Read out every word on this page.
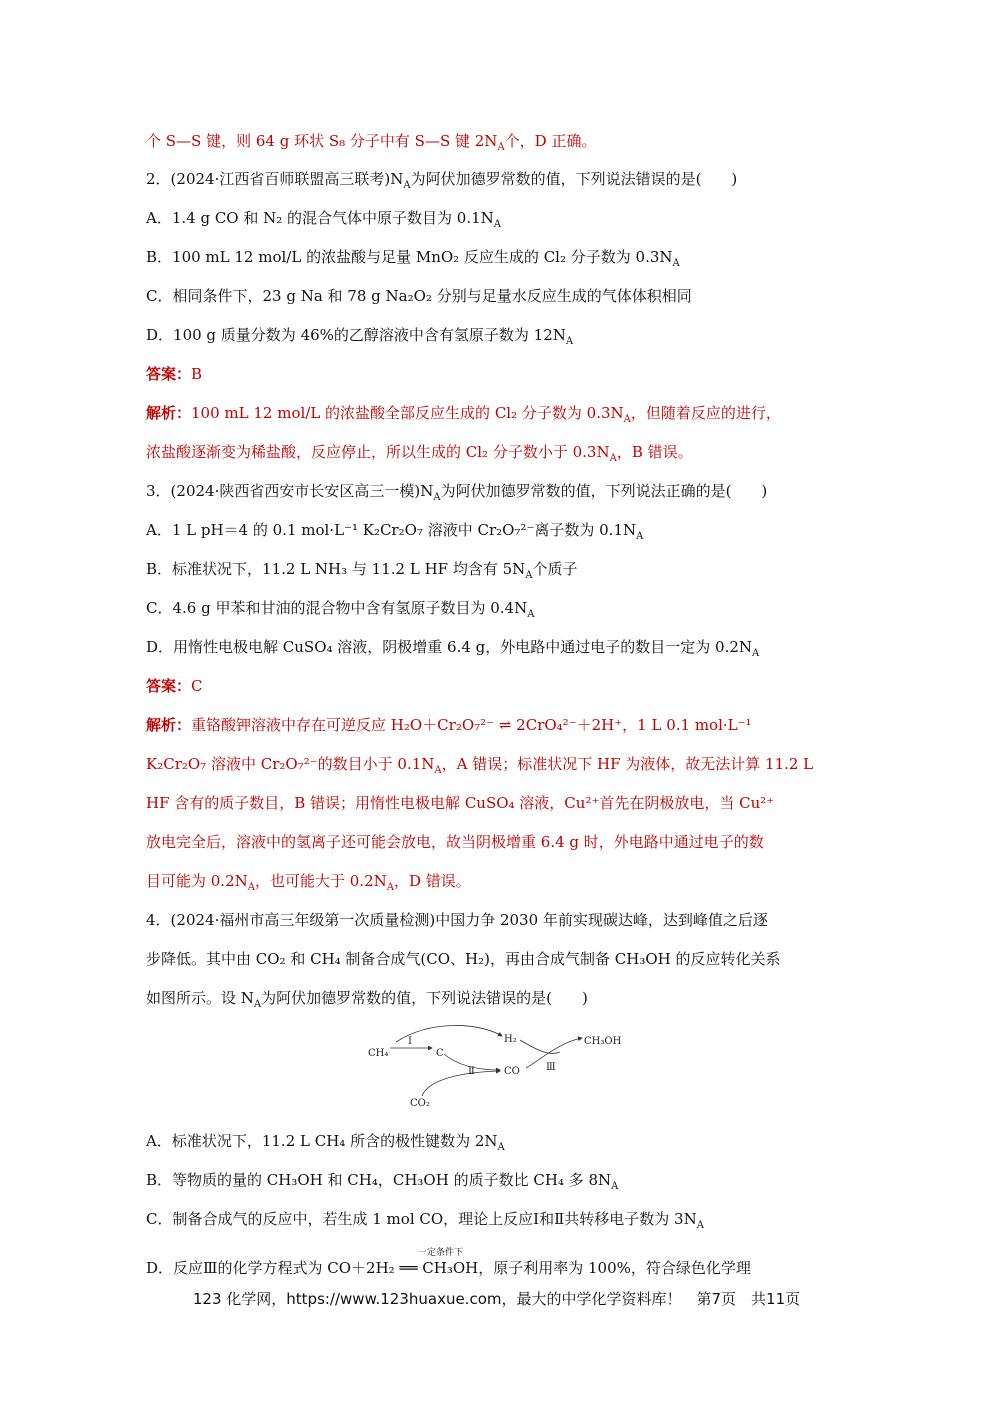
个 S—S 键，则 64 g 环状 S₈ 分子中有 S—S 键 $2N_A$个，D 正确。
2．(2024·江西省百师联盟高三联考)$N_A$为阿伏加德罗常数的值，下列说法错误的是(　　)
A．1.4 g CO 和 N₂ 的混合气体中原子数目为 $0.1N_A$
B．100 mL 12 mol/L 的浓盐酸与足量 MnO₂ 反应生成的 Cl₂ 分子数为 $0.3N_A$
C．相同条件下，23 g Na 和 78 g Na₂O₂ 分别与足量水反应生成的气体体积相同
D．100 g 质量分数为 46%的乙醇溶液中含有氢原子数为 $12N_A$
答案：B
解析：100 mL 12 mol/L 的浓盐酸全部反应生成的 Cl₂ 分子数为 $0.3N_A$，但随着反应的进行，
浓盐酸逐渐变为稀盐酸，反应停止，所以生成的 Cl₂ 分子数小于 $0.3N_A$，B 错误。
3．(2024·陕西省西安市长安区高三一模)$N_A$为阿伏加德罗常数的值，下列说法正确的是(　　)
A．1 L pH＝4 的 0.1 mol·L⁻¹ K₂Cr₂O₇ 溶液中 Cr₂O₇²⁻离子数为 $0.1N_A$
B．标准状况下，11.2 L NH₃ 与 11.2 L HF 均含有 $5N_A$个质子
C．4.6 g 甲苯和甘油的混合物中含有氢原子数目为 $0.4N_A$
D．用惰性电极电解 CuSO₄ 溶液，阴极增重 6.4 g，外电路中通过电子的数目一定为 $0.2N_A$
答案：C
解析：重铬酸钾溶液中存在可逆反应 H₂O＋Cr₂O₇²⁻ ⇌ 2CrO₄²⁻＋2H⁺，1 L 0.1 mol·L⁻¹
K₂Cr₂O₇ 溶液中 Cr₂O₇²⁻的数目小于 $0.1N_A$，A 错误；标准状况下 HF 为液体，故无法计算 11.2 L
HF 含有的质子数目，B 错误；用惰性电极电解 CuSO₄ 溶液，Cu²⁺首先在阴极放电，当 Cu²⁺
放电完全后，溶液中的氢离子还可能会放电，故当阴极增重 6.4 g 时，外电路中通过电子的数
目可能为 $0.2N_A$，也可能大于 $0.2N_A$，D 错误。
4．(2024·福州市高三年级第一次质量检测)中国力争 2030 年前实现碳达峰，达到峰值之后逐
步降低。其中由 CO₂ 和 CH₄ 制备合成气(CO、H₂)，再由合成气制备 CH₃OH 的反应转化关系
如图所示。设 $N_A$为阿伏加德罗常数的值，下列说法错误的是(　　)
CH₄
Ⅰ
C
H₂
Ⅱ	CO	Ⅲ
CH₃OH
CO₂
A．标准状况下，11.2 L CH₄ 所含的极性键数为 $2N_A$
B．等物质的量的 CH₃OH 和 CH₄，CH₃OH 的质子数比 CH₄ 多 $8N_A$
C．制备合成气的反应中，若生成 1 mol CO，理论上反应Ⅰ和Ⅱ共转移电子数为 $3N_A$
一定条件下
D．反应Ⅲ的化学方程式为 CO＋2H₂ ══ CH₃OH，原子利用率为 100%，符合绿色化学理
123 化学网，https://www.123huaxue.com，最大的中学化学资料库！　第7页　共11页
